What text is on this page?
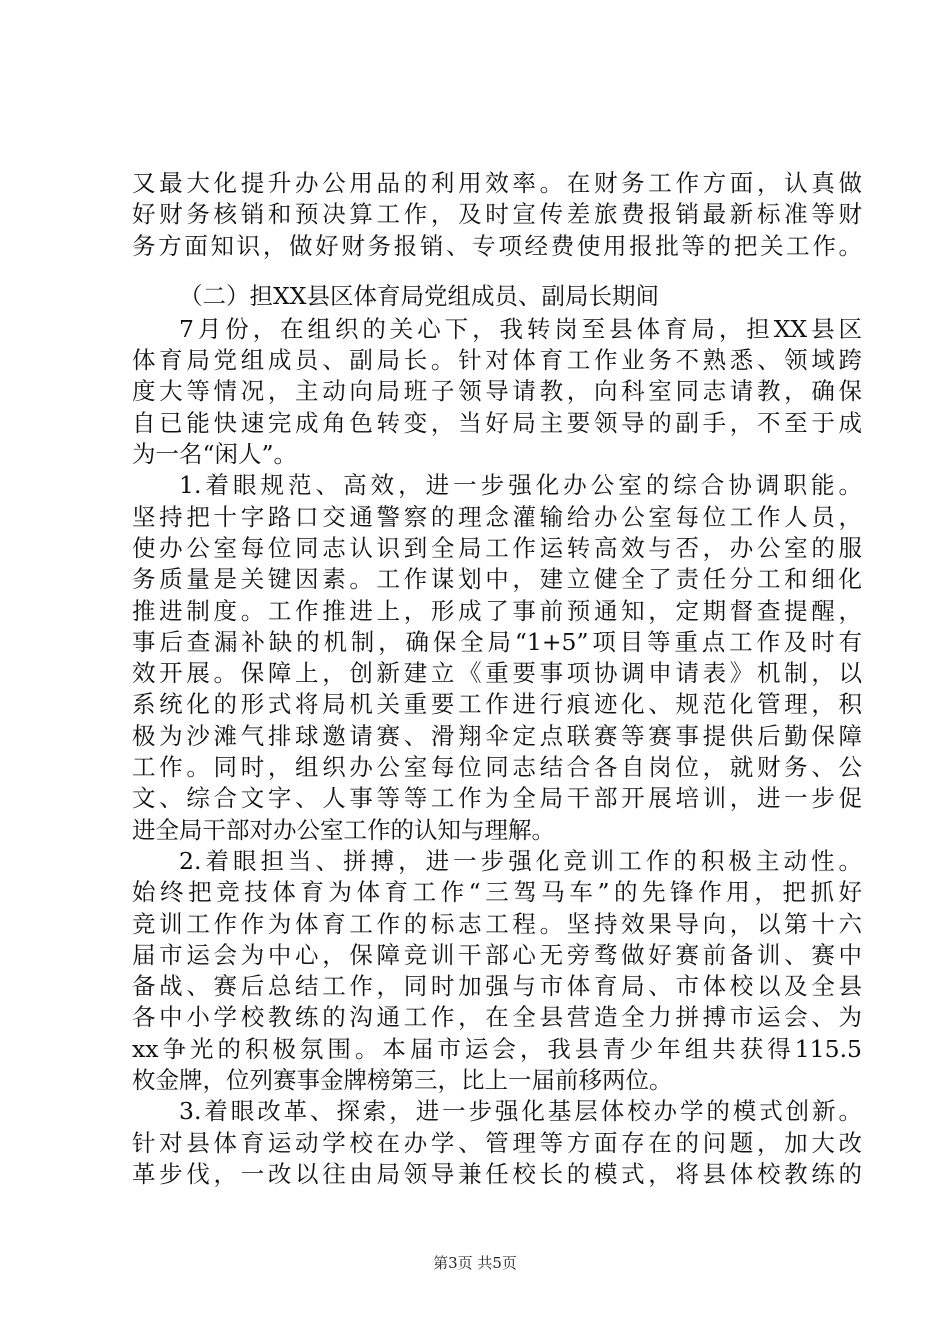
又最大化提升办公用品的利用效率。在财务工作方面，认真做
好财务核销和预决算工作，及时宣传差旅费报销最新标准等财
务方面知识，做好财务报销、专项经费使用报批等的把关工作。
（二）担XX县区体育局党组成员、副局长期间
7月份，在组织的关心下，我转岗至县体育局，担XX县区
体育局党组成员、副局长。针对体育工作业务不熟悉、领域跨
度大等情况，主动向局班子领导请教，向科室同志请教，确保
自已能快速完成角色转变，当好局主要领导的副手，不至于成
为一名“闲人”。
1.着眼规范、高效，进一步强化办公室的综合协调职能。
坚持把十字路口交通警察的理念灌输给办公室每位工作人员，
使办公室每位同志认识到全局工作运转高效与否，办公室的服
务质量是关键因素。工作谋划中，建立健全了责任分工和细化
推进制度。工作推进上，形成了事前预通知，定期督查提醒，
事后查漏补缺的机制，确保全局“1+5”项目等重点工作及时有
效开展。保障上，创新建立《重要事项协调申请表》机制，以
系统化的形式将局机关重要工作进行痕迹化、规范化管理，积
极为沙滩气排球邀请赛、滑翔伞定点联赛等赛事提供后勤保障
工作。同时，组织办公室每位同志结合各自岗位，就财务、公
文、综合文字、人事等等工作为全局干部开展培训，进一步促
进全局干部对办公室工作的认知与理解。
2.着眼担当、拼搏，进一步强化竞训工作的积极主动性。
始终把竞技体育为体育工作“三驾马车”的先锋作用，把抓好
竞训工作作为体育工作的标志工程。坚持效果导向，以第十六
届市运会为中心，保障竞训干部心无旁骛做好赛前备训、赛中
备战、赛后总结工作，同时加强与市体育局、市体校以及全县
各中小学校教练的沟通工作，在全县营造全力拼搏市运会、为
xx争光的积极氛围。本届市运会，我县青少年组共获得115.5
枚金牌，位列赛事金牌榜第三，比上一届前移两位。
3.着眼改革、探索，进一步强化基层体校办学的模式创新。
针对县体育运动学校在办学、管理等方面存在的问题，加大改
革步伐，一改以往由局领导兼任校长的模式，将县体校教练的
第3页 共5页
